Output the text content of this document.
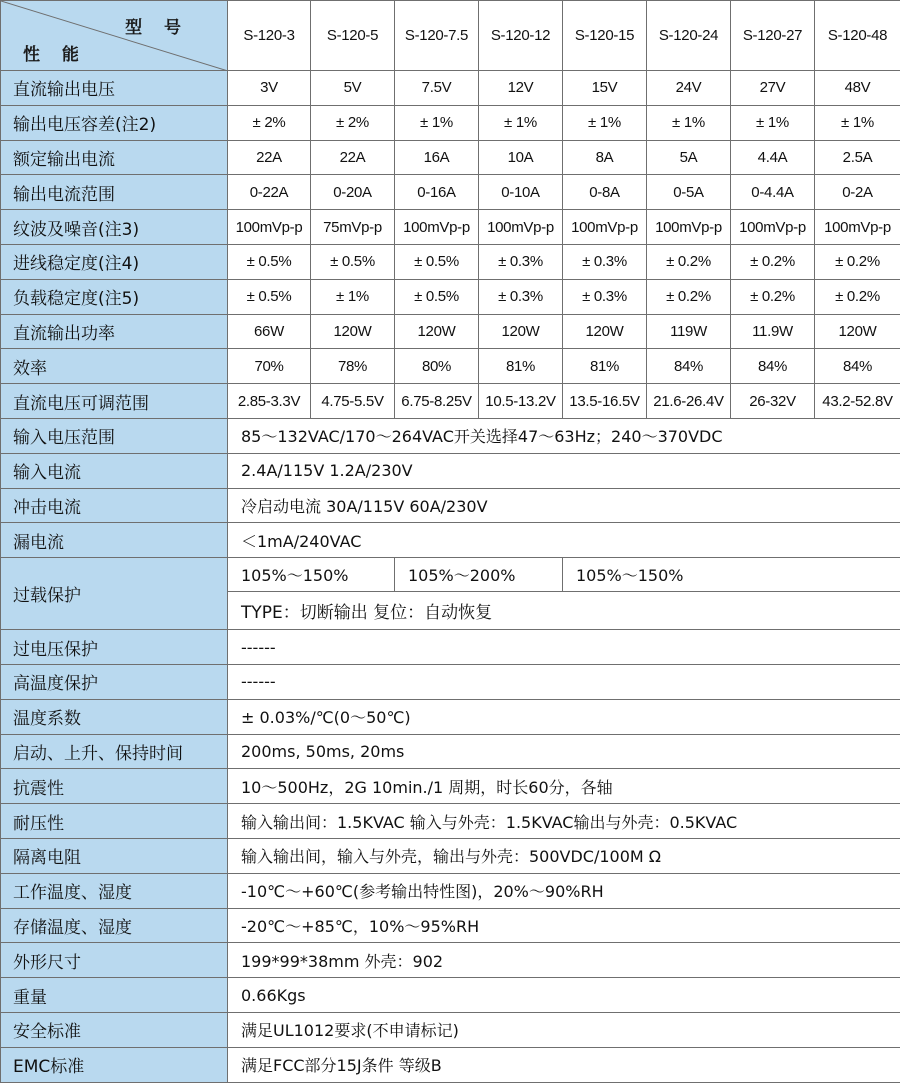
型 号
性 能	S-120-3	S-120-5	S-120-7.5	S-120-12	S-120-15	S-120-24	S-120-27	S-120-48
直流输出电压	3V	5V	7.5V	12V	15V	24V	27V	48V
输出电压容差(注2)	± 2%	± 2%	± 1%	± 1%	± 1%	± 1%	± 1%	± 1%
额定输出电流	22A	22A	16A	10A	8A	5A	4.4A	2.5A
输出电流范围	0-22A	0-20A	0-16A	0-10A	0-8A	0-5A	0-4.4A	0-2A
纹波及噪音(注3)	100mVp-p	75mVp-p	100mVp-p	100mVp-p	100mVp-p	100mVp-p	100mVp-p	100mVp-p
进线稳定度(注4)	± 0.5%	± 0.5%	± 0.5%	± 0.3%	± 0.3%	± 0.2%	± 0.2%	± 0.2%
负载稳定度(注5)	± 0.5%	± 1%	± 0.5%	± 0.3%	± 0.3%	± 0.2%	± 0.2%	± 0.2%
直流输出功率	66W	120W	120W	120W	120W	119W	11.9W	120W
效率	70%	78%	80%	81%	81%	84%	84%	84%
直流电压可调范围	2.85-3.3V	4.75-5.5V	6.75-8.25V	10.5-13.2V	13.5-16.5V	21.6-26.4V	26-32V	43.2-52.8V
输入电压范围	85～132VAC/170～264VAC开关选择47～63Hz；240～370VDC							
输入电流	2.4A/115V 1.2A/230V							
冲击电流	冷启动电流 30A/115V 60A/230V							
漏电流	＜1mA/240VAC							
过载保护	105%～150%		105%～200%		105%～150%			
	TYPE：切断输出 复位：自动恢复							
过电压保护	------							
高温度保护	------							
温度系数	± 0.03%/℃(0～50℃)							
启动、上升、保持时间	200ms, 50ms, 20ms							
抗震性	10～500Hz，2G 10min./1 周期，时长60分，各轴							
耐压性	输入输出间：1.5KVAC 输入与外壳：1.5KVAC输出与外壳：0.5KVAC							
隔离电阻	输入输出间，输入与外壳，输出与外壳：500VDC/100M Ω							
工作温度、湿度	-10℃～+60℃(参考输出特性图)，20%～90%RH							
存储温度、湿度	-20℃～+85℃，10%～95%RH							
外形尺寸	199*99*38mm 外壳：902							
重量	0.66Kgs							
安全标准	满足UL1012要求(不申请标记)							
EMC标准	满足FCC部分15J条件 等级B							
